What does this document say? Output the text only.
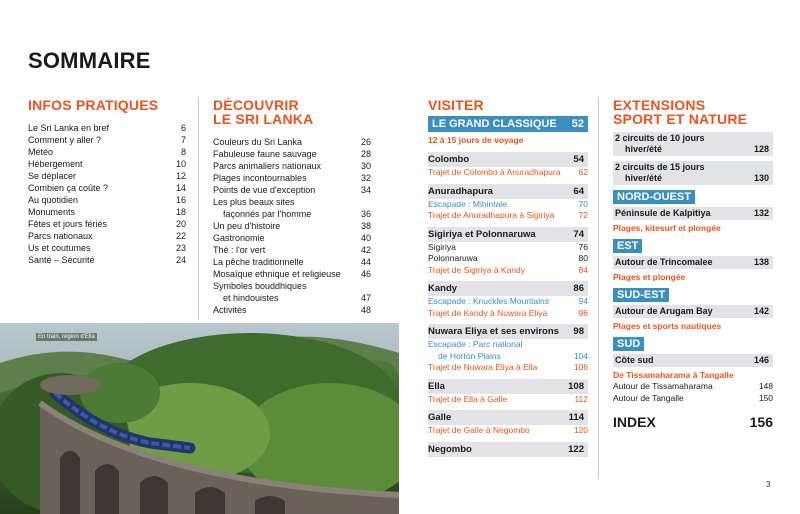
SOMMAIRE
INFOS PRATIQUES
Le Sri Lanka en bref	6
Comment y aller ?	7
Météo	8
Hébergement	10
Se déplacer	12
Combien ça coûte ?	14
Au quotidien	16
Monuments	18
Fêtes et jours fériés	20
Parcs nationaux	22
Us et coutumes	23
Santé – Sécurité	24
DÉCOUVRIR
LE SRI LANKA
Couleurs du Sri Lanka	26
Fabuleuse faune sauvage	28
Parcs animaliers nationaux	30
Plages incontournables	32
Points de vue d'exception	34
Les plus beaux sites
façonnés par l'homme	36
Un peu d'histoire	38
Gastronomie	40
Thé : l'or vert	42
La pêche traditionnelle	44
Mosaïque ethnique et religieuse	46
Symboles bouddhiques
et hindouistes	47
Activités	48
VISITER
LE GRAND CLASSIQUE 52
12 à 15 jours de voyage
Colombo	54
Trajet de Colombo à Anuradhapura	62
Anuradhapura	64
Escapade : Mihintale	70
Trajet de Anuradhapura à Sigiriya	72
Sigiriya et Polonnaruwa	74
Sigiriya	76
Polonnaruwa	80
Trajet de Sigiriya à Kandy	84
Kandy	86
Escapade : Knuckles Mountains	94
Trajet de Kandy à Nuwara Eliya	96
Nuwara Eliya et ses environs 98
Escapade : Parc national
de Horton Plains	104
Trajet de Nuwara Eliya à Ella	106
Ella	108
Trajet de Ella à Galle	112
Galle	114
Trajet de Galle à Negombo	120
Negombo	122
EXTENSIONS
SPORT ET NATURE
2 circuits de 10 jours
hiver/été	128
2 circuits de 15 jours
hiver/été	130
NORD-OUEST
Péninsule de Kalpitiya	132
Plages, kitesurf et plongée
EST
Autour de Trincomalee	138
Plages et plongée
SUD-EST
Autour de Arugam Bay	142
Plages et sports nautiques
SUD
Côte sud	146
De Tissamaharama à Tangalle
Autour de Tissamaharama	148
Autour de Tangalle	150
INDEX	156
En train, région d'Ella
3
